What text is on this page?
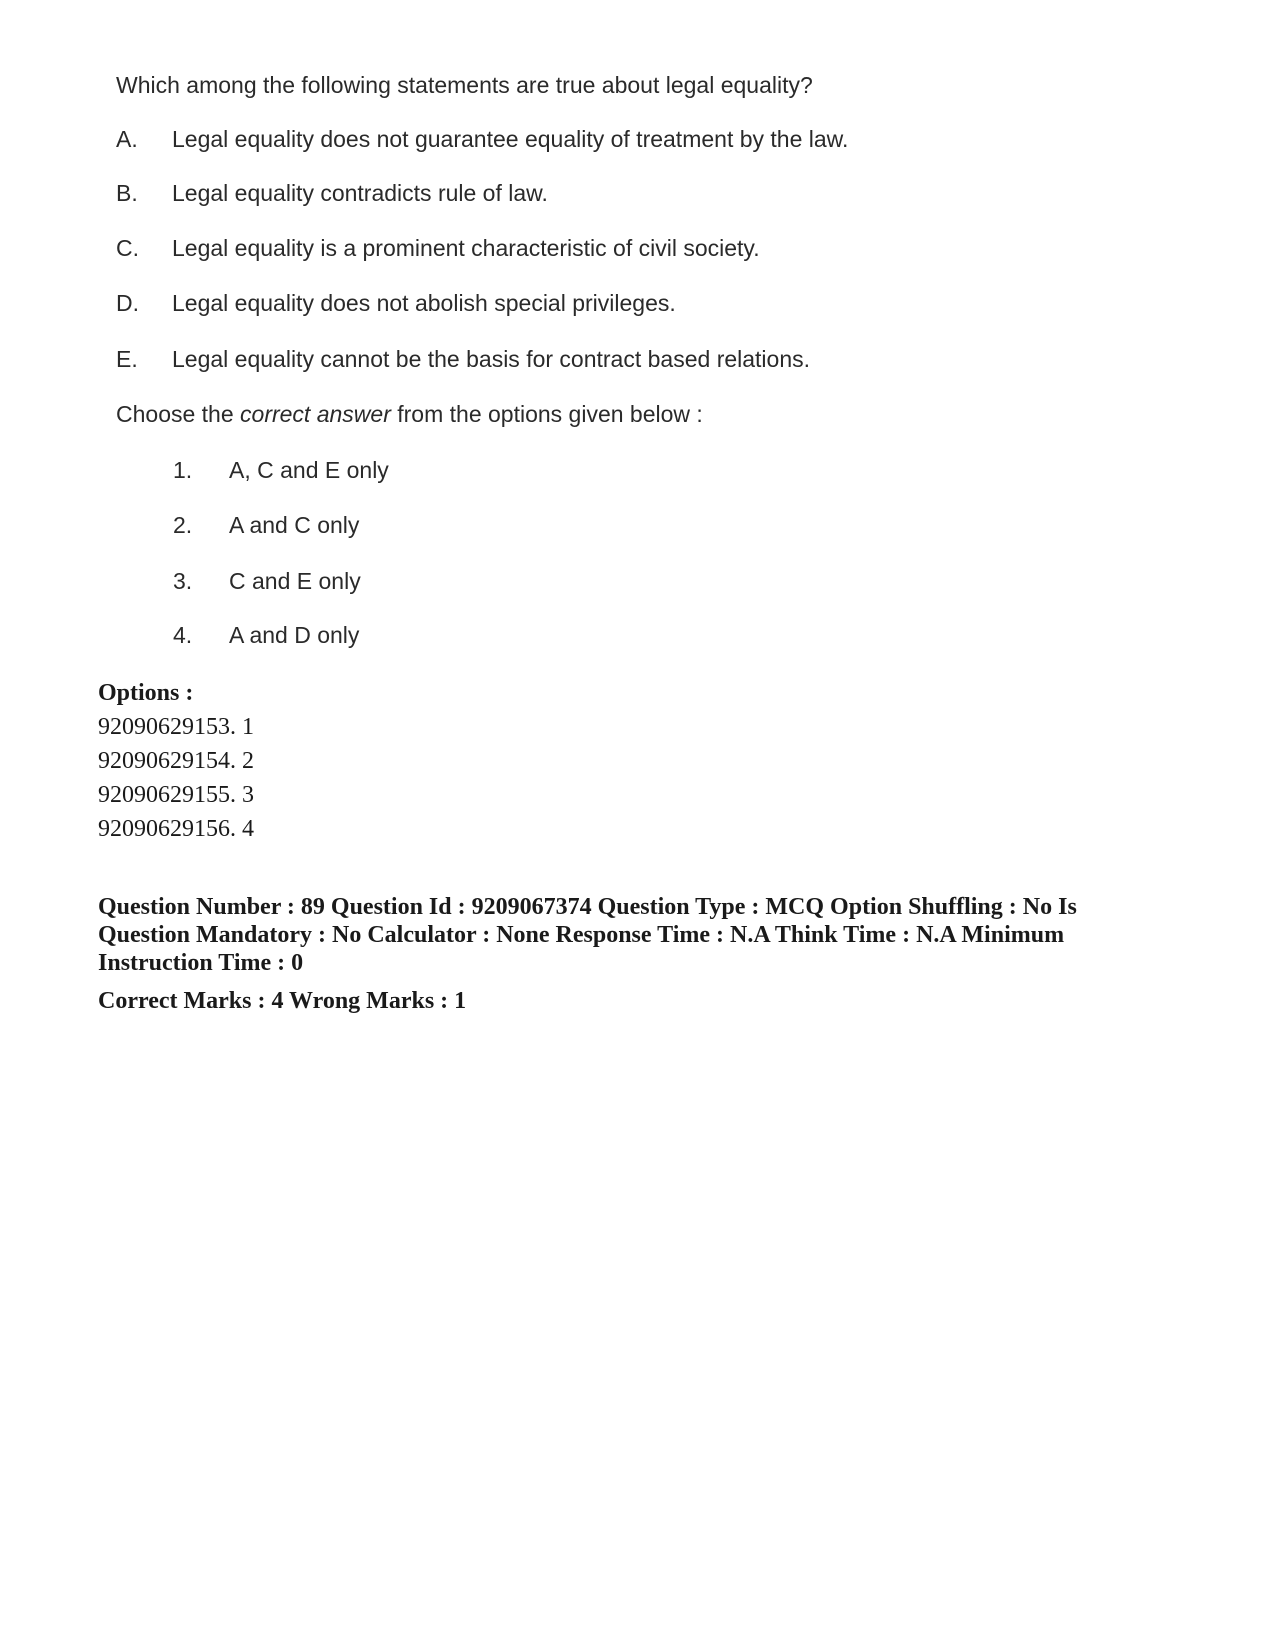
Which among the following statements are true about legal equality?
A. Legal equality does not guarantee equality of treatment by the law.
B. Legal equality contradicts rule of law.
C. Legal equality is a prominent characteristic of civil society.
D. Legal equality does not abolish special privileges.
E. Legal equality cannot be the basis for contract based relations.
Choose the correct answer from the options given below :
1. A, C and E only
2. A and C only
3. C and E only
4. A and D only
Options :
92090629153. 1
92090629154. 2
92090629155. 3
92090629156. 4
Question Number : 89 Question Id : 9209067374 Question Type : MCQ Option Shuffling : No Is Question Mandatory : No Calculator : None Response Time : N.A Think Time : N.A Minimum Instruction Time : 0
Correct Marks : 4 Wrong Marks : 1
